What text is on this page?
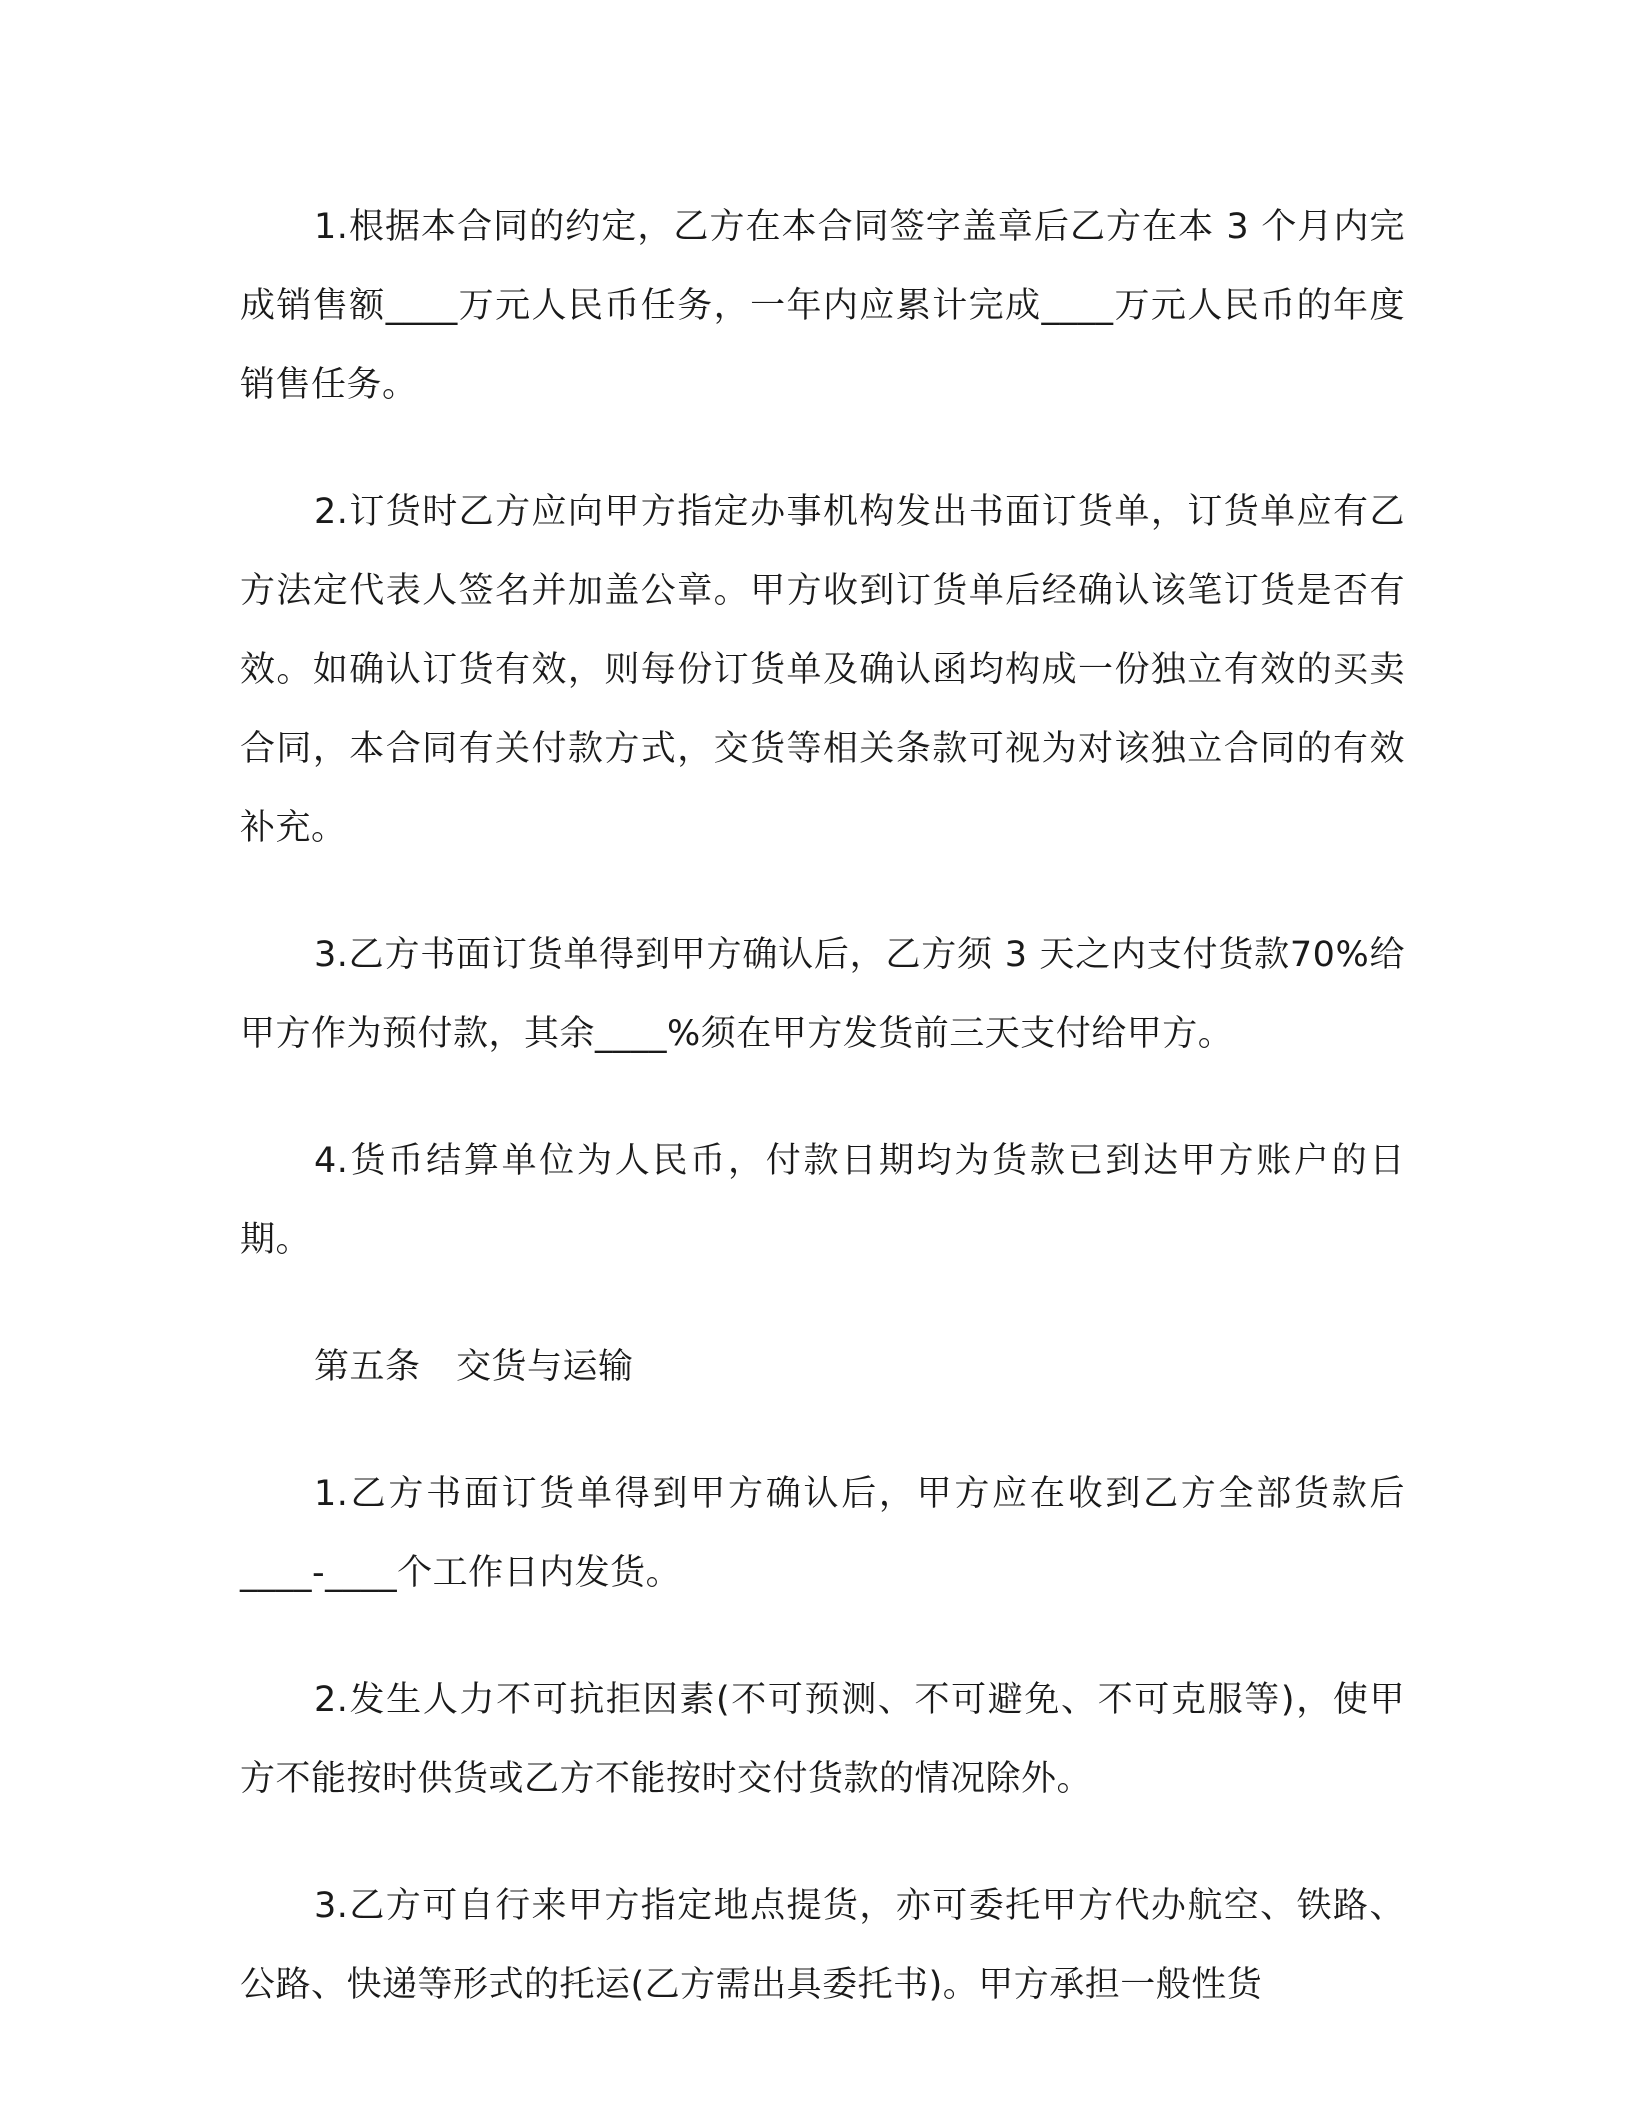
1.根据本合同的约定，乙方在本合同签字盖章后乙方在本 3 个月内完成销售额____万元人民币任务，一年内应累计完成____万元人民币的年度销售任务。

2.订货时乙方应向甲方指定办事机构发出书面订货单，订货单应有乙方法定代表人签名并加盖公章。甲方收到订货单后经确认该笔订货是否有效。如确认订货有效，则每份订货单及确认函均构成一份独立有效的买卖合同，本合同有关付款方式，交货等相关条款可视为对该独立合同的有效补充。

3.乙方书面订货单得到甲方确认后，乙方须 3 天之内支付货款70%给甲方作为预付款，其余____%须在甲方发货前三天支付给甲方。

4.货币结算单位为人民币，付款日期均为货款已到达甲方账户的日期。

第五条　交货与运输

1.乙方书面订货单得到甲方确认后，甲方应在收到乙方全部货款后____-____个工作日内发货。

2.发生人力不可抗拒因素(不可预测、不可避免、不可克服等)，使甲方不能按时供货或乙方不能按时交付货款的情况除外。

3.乙方可自行来甲方指定地点提货，亦可委托甲方代办航空、铁路、公路、快递等形式的托运(乙方需出具委托书)。甲方承担一般性货
